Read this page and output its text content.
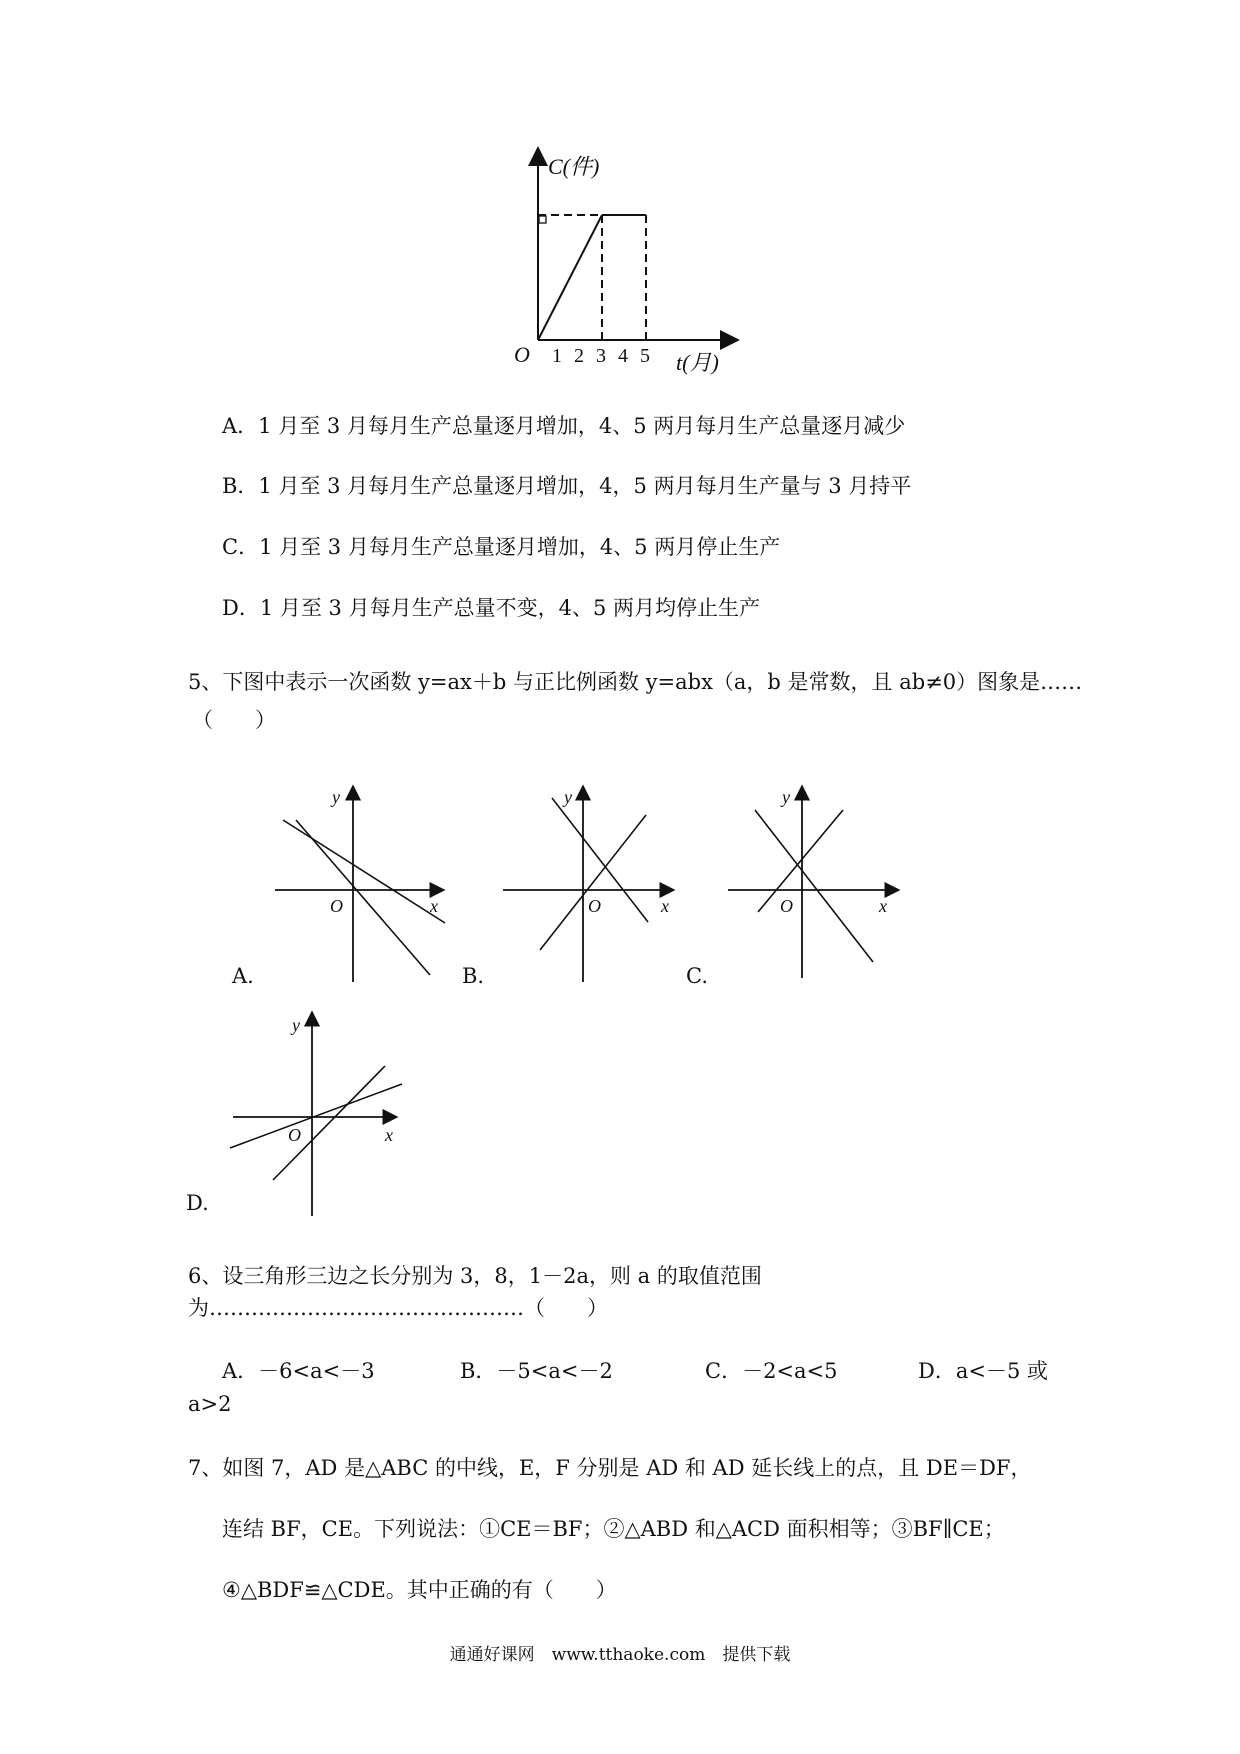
C(件)
t(月)
O 1 2 3 4 5
A．1 月至 3 月每月生产总量逐月增加，4、5 两月每月生产总量逐月减少
B．1 月至 3 月每月生产总量逐月增加，4，5 两月每月生产量与 3 月持平
C．1 月至 3 月每月生产总量逐月增加，4、5 两月停止生产
D．1 月至 3 月每月生产总量不变，4、5 两月均停止生产
5、下图中表示一次函数 y=ax＋b 与正比例函数 y=abx（a，b 是常数，且 ab≠0）图象是……
（　　）
y
x
O
A.
y
x
O
B.
y
x
O
C.
y
x
O
D.
6、设三角形三边之长分别为 3，8，1－2a，则 a 的取值范围
为………………………………………（　　）
A．－6<a<－3	B．－5<a<－2	C．－2<a<5	D．a<－5 或
a>2
7、如图 7，AD 是△ABC 的中线，E，F 分别是 AD 和 AD 延长线上的点，且 DE＝DF，
连结 BF，CE。下列说法：①CE＝BF；②△ABD 和△ACD 面积相等；③BF∥CE；
④△BDF≌△CDE。其中正确的有（　　）
通通好课网　www.tthaoke.com　提供下载
